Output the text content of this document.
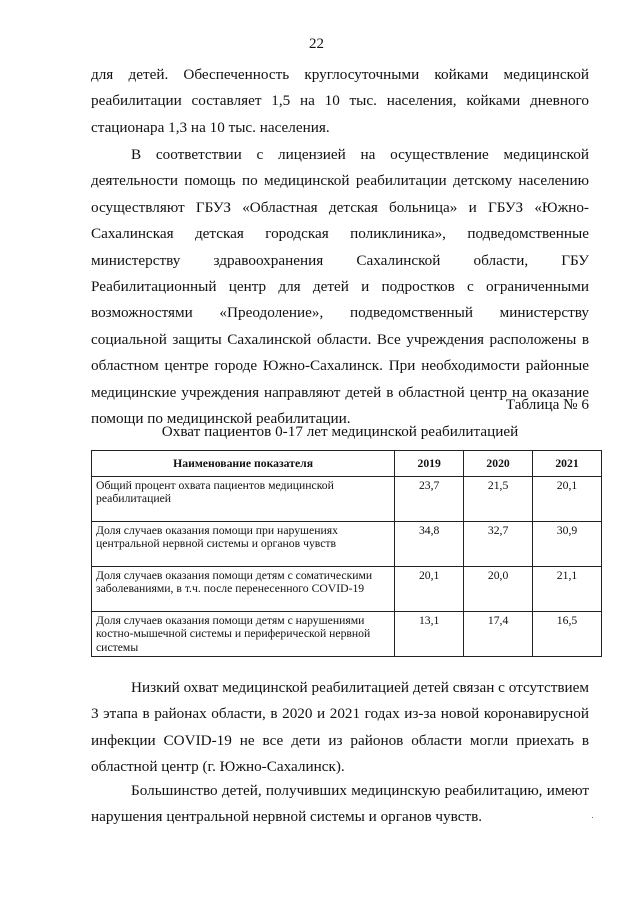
22

для детей. Обеспеченность круглосуточными койками медицинской реабилитации составляет 1,5 на 10 тыс. населения, койками дневного стационара 1,3 на 10 тыс. населения.

В соответствии с лицензией на осуществление медицинской деятельности помощь по медицинской реабилитации детскому населению осуществляют ГБУЗ «Областная детская больница» и ГБУЗ «Южно-Сахалинская детская городская поликлиника», подведомственные министерству здравоохранения Сахалинской области, ГБУ Реабилитационный центр для детей и подростков с ограниченными возможностями «Преодоление», подведомственный министерству социальной защиты Сахалинской области. Все учреждения расположены в областном центре городе Южно-Сахалинск. При необходимости районные медицинские учреждения направляют детей в областной центр на оказание помощи по медицинской реабилитации.

Таблица № 6
Охват пациентов 0-17 лет медицинской реабилитацией
Наименование показателя	2019	2020	2021
Общий процент охвата пациентов медицинской реабилитацией	23,7	21,5	20,1
Доля случаев оказания помощи при нарушениях центральной нервной системы и органов чувств	34,8	32,7	30,9
Доля случаев оказания помощи детям с соматическими заболеваниями, в т.ч. после перенесенного COVID-19	20,1	20,0	21,1
Доля случаев оказания помощи детям с нарушениями костно-мышечной системы и периферической нервной системы	13,1	17,4	16,5

Низкий охват медицинской реабилитацией детей связан с отсутствием 3 этапа в районах области, в 2020 и 2021 годах из-за новой коронавирусной инфекции COVID-19 не все дети из районов области могли приехать в областной центр (г. Южно-Сахалинск).

Большинство детей, получивших медицинскую реабилитацию, имеют нарушения центральной нервной системы и органов чувств.
